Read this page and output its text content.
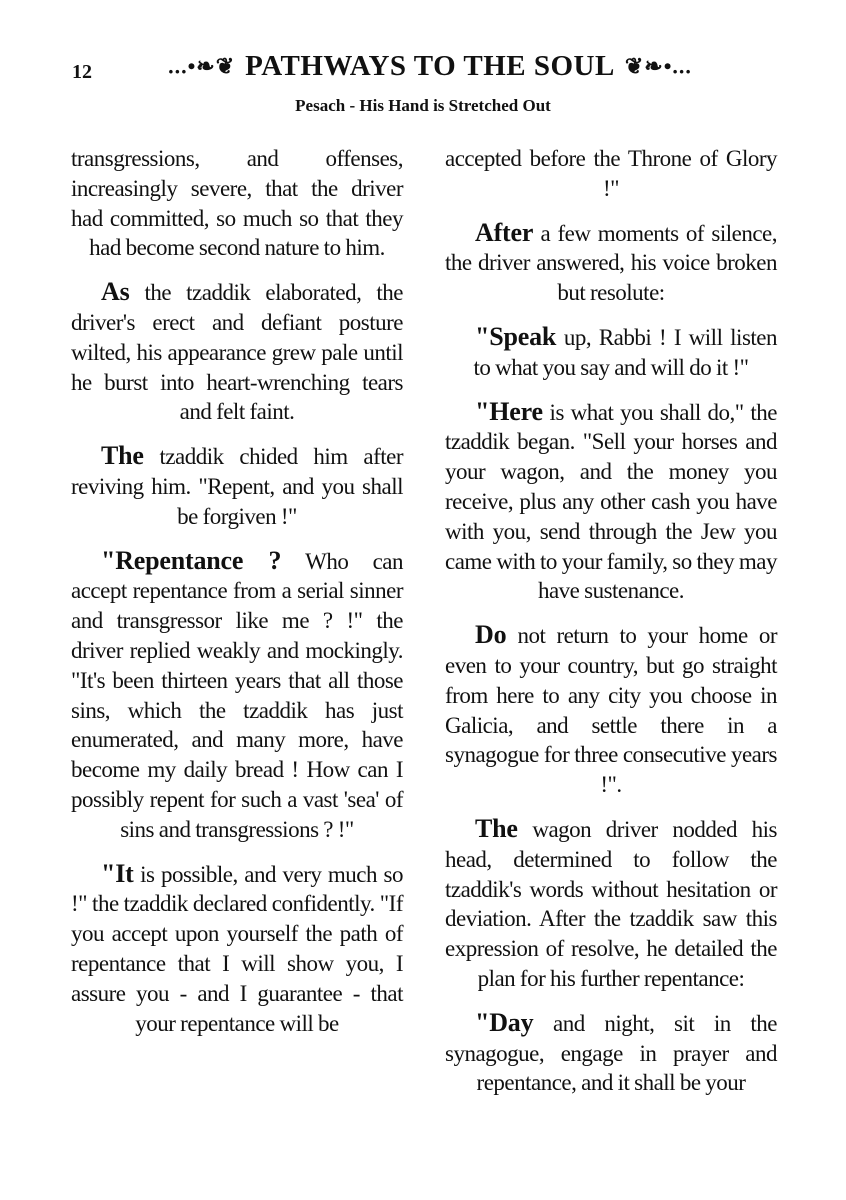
12	...•❧❦ PATHWAYS TO THE SOUL ❦❧•...
Pesach - His Hand is Stretched Out

transgressions, and offenses, increasingly severe, that the driver had committed, so much so that they had become second nature to him.

As the tzaddik elaborated, the driver's erect and defiant posture wilted, his appearance grew pale until he burst into heart-wrenching tears and felt faint.

The tzaddik chided him after reviving him. "Repent, and you shall be forgiven !"

"Repentance ? Who can accept repentance from a serial sinner and transgressor like me ? !" the driver replied weakly and mockingly. "It's been thirteen years that all those sins, which the tzaddik has just enumerated, and many more, have become my daily bread ! How can I possibly repent for such a vast 'sea' of sins and transgressions ? !"

"It is possible, and very much so !" the tzaddik declared confidently. "If you accept upon yourself the path of repentance that I will show you, I assure you - and I guarantee - that your repentance will be

accepted before the Throne of Glory !"

After a few moments of silence, the driver answered, his voice broken but resolute:

"Speak up, Rabbi ! I will listen to what you say and will do it !"

"Here is what you shall do," the tzaddik began. "Sell your horses and your wagon, and the money you receive, plus any other cash you have with you, send through the Jew you came with to your family, so they may have sustenance.

Do not return to your home or even to your country, but go straight from here to any city you choose in Galicia, and settle there in a synagogue for three consecutive years !".

The wagon driver nodded his head, determined to follow the tzaddik's words without hesitation or deviation. After the tzaddik saw this expression of resolve, he detailed the plan for his further repentance:

"Day and night, sit in the synagogue, engage in prayer and repentance, and it shall be your
